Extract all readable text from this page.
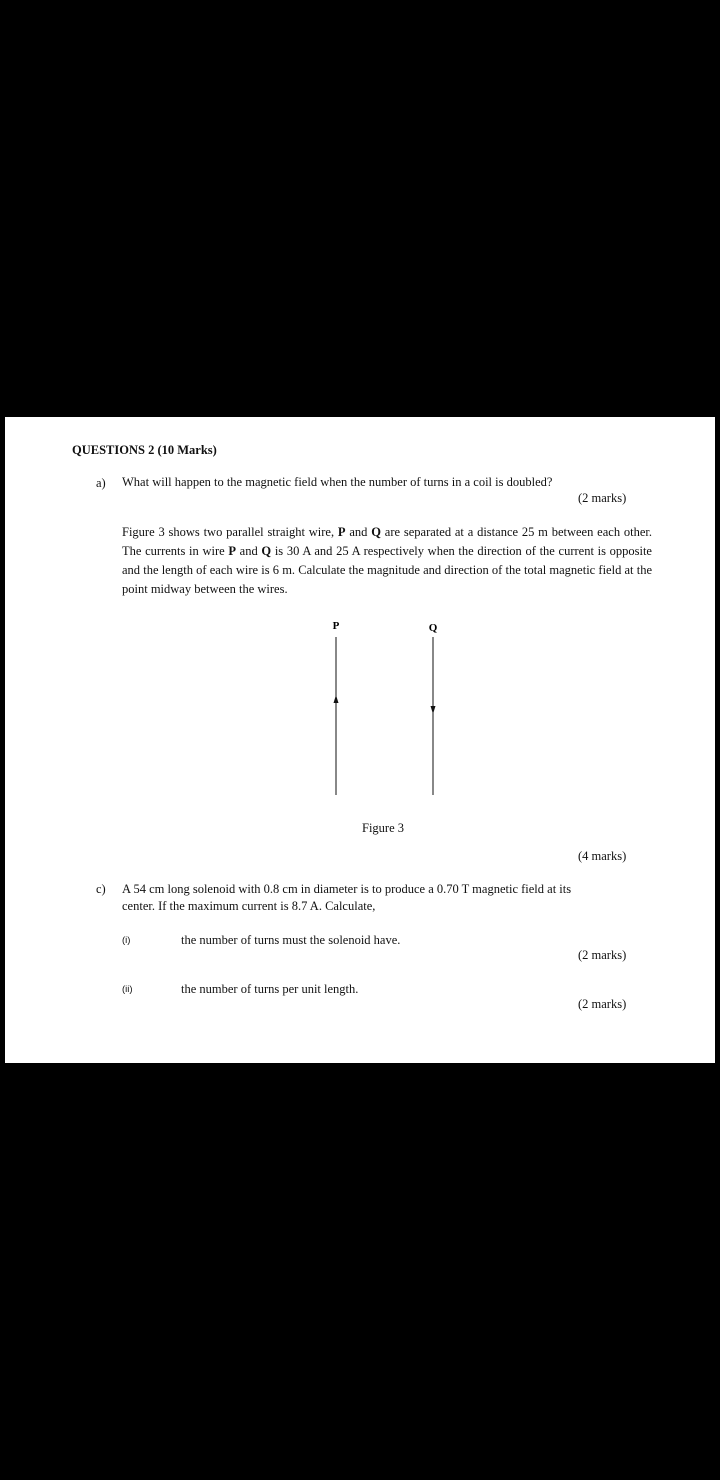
QUESTIONS 2 (10 Marks)
a) What will happen to the magnetic field when the number of turns in a coil is doubled?
(2 marks)
Figure 3 shows two parallel straight wire, P and Q are separated at a distance 25 m between each other. The currents in wire P and Q is 30 A and 25 A respectively when the direction of the current is opposite and the length of each wire is 6 m. Calculate the magnitude and direction of the total magnetic field at the point midway between the wires.
P	Q
Figure 3
(4 marks)
c) A 54 cm long solenoid with 0.8 cm in diameter is to produce a 0.70 T magnetic field at its
center. If the maximum current is 8.7 A. Calculate,
(i)	the number of turns must the solenoid have.
(2 marks)
(ii)	the number of turns per unit length.
(2 marks)
